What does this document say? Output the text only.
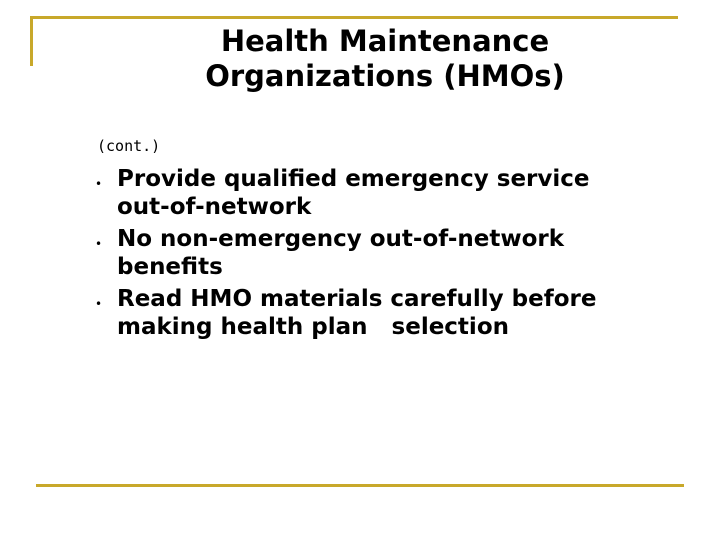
Health Maintenance
Organizations (HMOs)

(cont.)

• Provide qualified emergency service
out-of-network
• No non-emergency out-of-network
benefits
• Read HMO materials carefully before
making health plan   selection
